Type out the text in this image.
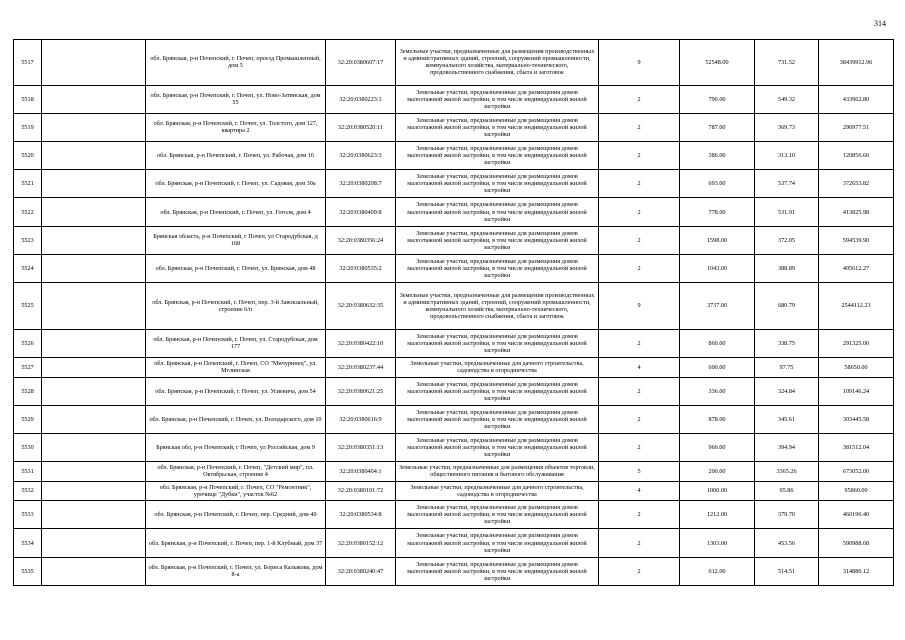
314
5517		обл. Брянская, р-н Почепский, г. Почеп, проезд Промышленный, дом 5	32:20:0380607:17	Земельные участки, предназначенные для размещения производственных и административных зданий, строений, сооружений промышленности, коммунального хозяйства, материально-технического, продовольственного снабжения, сбыта и заготовок	9	52548.00	731.52	38439912.96
5518		обл. Брянская, р-н Почепский, г. Почеп, ул. Ново-Затинская, дом 55	32:20:0380223:1	Земельные участки, предназначенные для размещения домов малоэтажной жилой застройки, в том числе индивидуальной жилой застройки	2	790.00	549.32	433962.80
5519		обл. Брянская, р-н Почепский, г. Почеп, ул. Толстого, дом 127, квартира 2	32:20:0380520:11	Земельные участки, предназначенные для размещения домов малоэтажной жилой застройки, в том числе индивидуальной жилой застройки	2	787.00	369.73	290977.51
5520		обл. Брянская, р-н Почепский, г. Почеп, ул. Рабочая, дом 16	32:20:0380623:3	Земельные участки, предназначенные для размещения домов малоэтажной жилой застройки, в том числе индивидуальной жилой застройки	2	386.00	313.10	120856.60
5521		обл. Брянская, р-н Почепский, г. Почеп, ул. Садовая, дом 30а	32:20:0380208:7	Земельные участки, предназначенные для размещения домов малоэтажной жилой застройки, в том числе индивидуальной жилой застройки	2	693.00	537.74	372653.82
5522		обл. Брянская, р-н Почепский, г. Почеп, ул. Гоголя, дом 4	32:20:0380409:8	Земельные участки, предназначенные для размещения домов малоэтажной жилой застройки, в том числе индивидуальной жилой застройки	2	778.00	531.91	413825.98
5523		Брянская область, р-н Почепский, г Почеп, ул Стародубская, д 168	32:20:0380356:24	Земельные участки, предназначенные для размещения домов малоэтажной жилой застройки, в том числе индивидуальной жилой застройки	2	1598.00	372.05	594539.90
5524		обл. Брянская, р-н Почепский, г. Почеп, ул. Брянская, дом 48	32:20:0380535:2	Земельные участки, предназначенные для размещения домов малоэтажной жилой застройки, в том числе индивидуальной жилой застройки	2	1043.00	388.89	405612.27
5525		обл. Брянская, р-н Почепский, г. Почеп, пер. 3-й Завокзальный, строение 6/п	32:20:0380632:35	Земельные участки, предназначенные для размещения производственных и административных зданий, строений, сооружений промышленности, коммунального хозяйства, материально-технического, продовольственного снабжения, сбыта и заготовок	9	3737.00	680.79	2544112.23
5526		обл. Брянская, р-н Почепский, г. Почеп, ул. Стародубская, дом 177	32:20:0380422:10	Земельные участки, предназначенные для размещения домов малоэтажной жилой застройки, в том числе индивидуальной жилой застройки	2	860.00	338.75	291325.00
5527		обл. Брянская, р-н Почепский, г. Почеп, СО "Мичуринец", ул. Мглинская	32:20:0380237:44	Земельные участки, предназначенные для дачного строительства, садоводства и огородничества	4	600.00	97.75	58650.00
5528		обл. Брянская, р-н Почепский, г. Почеп, ул. Усиевича, дом 54	32:20:0380621:25	Земельные участки, предназначенные для размещения домов малоэтажной жилой застройки, в том числе индивидуальной жилой застройки	2	336.00	324.84	109146.24
5529		обл. Брянская, р-н Почепский, г. Почеп, ул. Володарского, дом 10	32:20:0380616:9	Земельные участки, предназначенные для размещения домов малоэтажной жилой застройки, в том числе индивидуальной жилой застройки	2	878.00	345.61	303445.58
5530		Брянская обл, р-н Почепский, г Почеп, ул Российская, дом 9	32:20:0380351:13	Земельные участки, предназначенные для размещения домов малоэтажной жилой застройки, в том числе индивидуальной жилой застройки	2	966.00	394.94	381512.04
5531		обл. Брянская, р-н Почепский, г. Почеп, "Детский мир", пл. Октябрьская, строение 4	32:20:0380404:1	Земельные участки, предназначенные для размещения объектов торговли, общественного питания и бытового обслуживания	5	200.00	3365.26	673052.00
5532		обл. Брянская, р-н Почепский, г. Почеп, СО "Ремонтник", урочище "Дубки", участок №62	32:20:0380101:72	Земельные участки, предназначенные для дачного строительства, садоводства и огородничества	4	1000.00	95.86	95860.00
5533		обл. Брянская, р-н Почепский, г. Почеп, пер. Средний, дом 40	32:20:0380534:8	Земельные участки, предназначенные для размещения домов малоэтажной жилой застройки, в том числе индивидуальной жилой застройки	2	1212.00	379.70	460196.40
5534		обл. Брянская, р-н Почепский, г. Почеп, пер. 1-й Клубный, дом 37	32:20:0380152:12	Земельные участки, предназначенные для размещения домов малоэтажной жилой застройки, в том числе индивидуальной жилой застройки	2	1303.00	453.56	590988.68
5535		обл. Брянская, р-н Почепский, г. Почеп, ул. Бориса Калыкова, дом 8-а	32:20:0380240:47	Земельные участки, предназначенные для размещения домов малоэтажной жилой застройки, в том числе индивидуальной жилой застройки	2	612.00	514.51	314880.12
